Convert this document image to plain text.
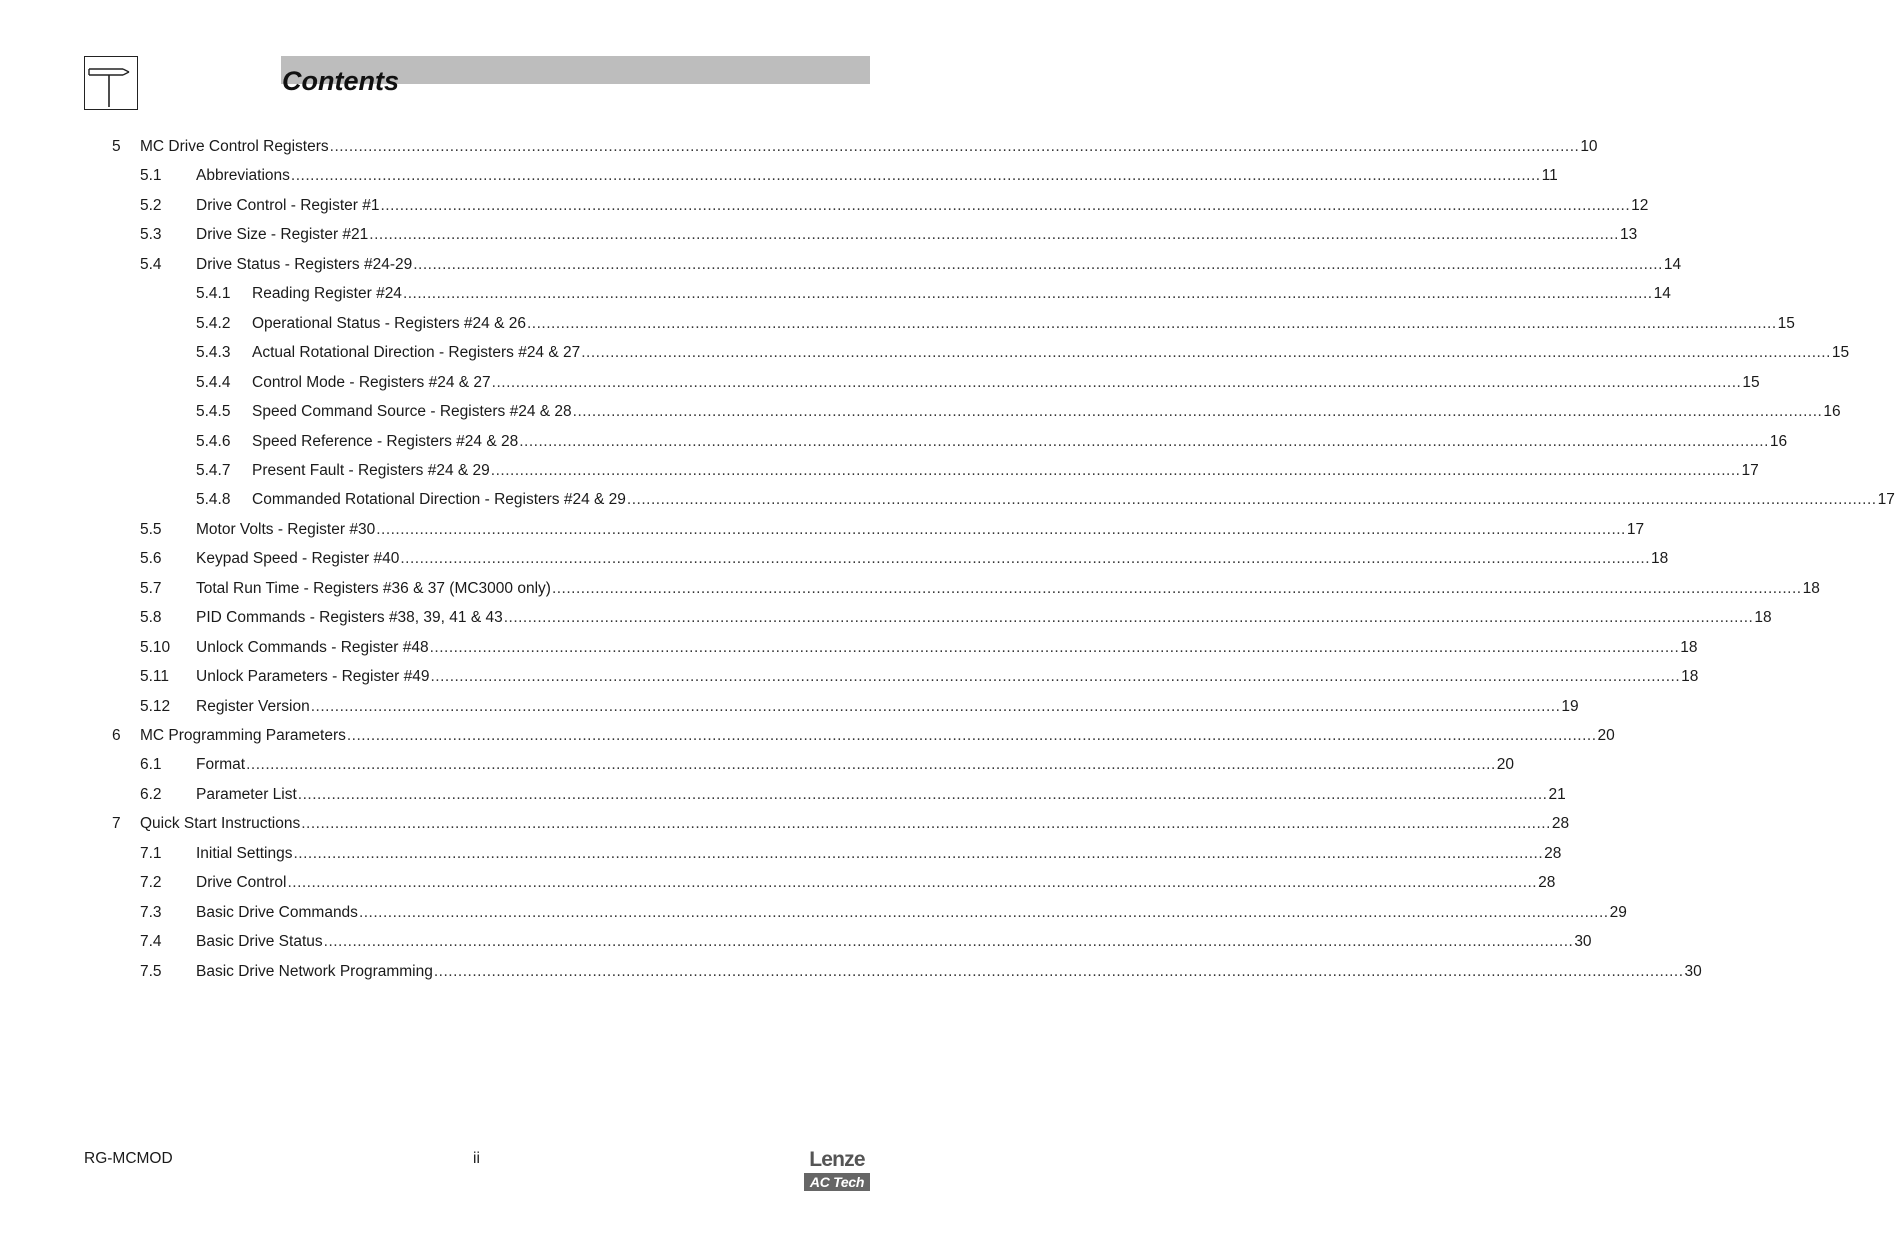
Contents
5 MC Drive Control Registers .................................................................................................................................................................................................................................................................... 10
5.1 Abbreviations .................................................................................................................................................................................................................................................................... 11
5.2 Drive Control - Register #1 .................................................................................................................................................................................................................................................................... 12
5.3 Drive Size - Register #21 .................................................................................................................................................................................................................................................................... 13
5.4 Drive Status - Registers #24-29 .................................................................................................................................................................................................................................................................... 14
5.4.1 Reading Register #24 .................................................................................................................................................................................................................................................................... 14
5.4.2 Operational Status - Registers #24 & 26 .................................................................................................................................................................................................................................................................... 15
5.4.3 Actual Rotational Direction - Registers #24 & 27 .................................................................................................................................................................................................................................................................... 15
5.4.4 Control Mode - Registers #24 & 27 .................................................................................................................................................................................................................................................................... 15
5.4.5 Speed Command Source - Registers #24 & 28 .................................................................................................................................................................................................................................................................... 16
5.4.6 Speed Reference - Registers #24 & 28 .................................................................................................................................................................................................................................................................... 16
5.4.7 Present Fault - Registers #24 & 29 .................................................................................................................................................................................................................................................................... 17
5.4.8 Commanded Rotational Direction - Registers #24 & 29 .................................................................................................................................................................................................................................................................... 17
5.5 Motor Volts - Register #30 .................................................................................................................................................................................................................................................................... 17
5.6 Keypad Speed - Register #40 .................................................................................................................................................................................................................................................................... 18
5.7 Total Run Time - Registers #36 & 37 (MC3000 only) .................................................................................................................................................................................................................................................................... 18
5.8 PID Commands - Registers #38, 39, 41 & 43 .................................................................................................................................................................................................................................................................... 18
5.10 Unlock Commands - Register #48 .................................................................................................................................................................................................................................................................... 18
5.11 Unlock Parameters - Register #49 .................................................................................................................................................................................................................................................................... 18
5.12 Register Version .................................................................................................................................................................................................................................................................... 19
6 MC Programming Parameters .................................................................................................................................................................................................................................................................... 20
6.1 Format .................................................................................................................................................................................................................................................................... 20
6.2 Parameter List .................................................................................................................................................................................................................................................................... 21
7 Quick Start Instructions .................................................................................................................................................................................................................................................................... 28
7.1 Initial Settings .................................................................................................................................................................................................................................................................... 28
7.2 Drive Control .................................................................................................................................................................................................................................................................... 28
7.3 Basic Drive Commands .................................................................................................................................................................................................................................................................... 29
7.4 Basic Drive Status .................................................................................................................................................................................................................................................................... 30
7.5 Basic Drive Network Programming .................................................................................................................................................................................................................................................................... 30
RG-MCMOD	ii	Lenze
AC Tech
